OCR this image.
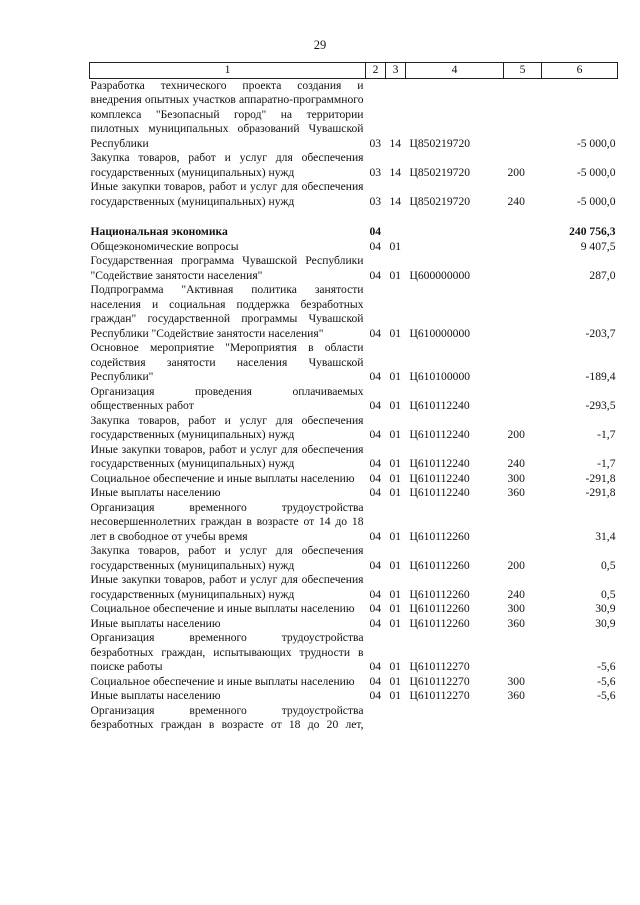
29
1	2	3	4	5	6
Разработка технического проекта создания и внедрения опытных участков аппаратно-программного комплекса "Безопасный город" на территории пилотных муниципальных образований Чувашской Республики	03	14	Ц850219720		-5 000,0
Закупка товаров, работ и услуг для обеспечения государственных (муниципальных) нужд	03	14	Ц850219720	200	-5 000,0
Иные закупки товаров, работ и услуг для обеспечения государственных (муниципальных) нужд	03	14	Ц850219720	240	-5 000,0

Национальная экономика	04				240 756,3
Общеэкономические вопросы	04	01			9 407,5
Государственная программа Чувашской Республики "Содействие занятости населения"	04	01	Ц600000000		287,0
Подпрограмма "Активная политика занятости населения и социальная поддержка безработных граждан" государственной программы Чувашской Республики "Содействие занятости населения"	04	01	Ц610000000		-203,7
Основное мероприятие "Мероприятия в области содействия занятости населения Чувашской Республики"	04	01	Ц610100000		-189,4
Организация проведения оплачиваемых общественных работ	04	01	Ц610112240		-293,5
Закупка товаров, работ и услуг для обеспечения государственных (муниципальных) нужд	04	01	Ц610112240	200	-1,7
Иные закупки товаров, работ и услуг для обеспечения государственных (муниципальных) нужд	04	01	Ц610112240	240	-1,7
Социальное обеспечение и иные выплаты населению	04	01	Ц610112240	300	-291,8
Иные выплаты населению	04	01	Ц610112240	360	-291,8
Организация временного трудоустройства несовершеннолетних граждан в возрасте от 14 до 18 лет в свободное от учебы время	04	01	Ц610112260		31,4
Закупка товаров, работ и услуг для обеспечения государственных (муниципальных) нужд	04	01	Ц610112260	200	0,5
Иные закупки товаров, работ и услуг для обеспечения государственных (муниципальных) нужд	04	01	Ц610112260	240	0,5
Социальное обеспечение и иные выплаты населению	04	01	Ц610112260	300	30,9
Иные выплаты населению	04	01	Ц610112260	360	30,9
Организация временного трудоустройства безработных граждан, испытывающих трудности в поиске работы	04	01	Ц610112270		-5,6
Социальное обеспечение и иные выплаты населению	04	01	Ц610112270	300	-5,6
Иные выплаты населению	04	01	Ц610112270	360	-5,6
Организация временного трудоустройства безработных граждан в возрасте от 18 до 20 лет,					
